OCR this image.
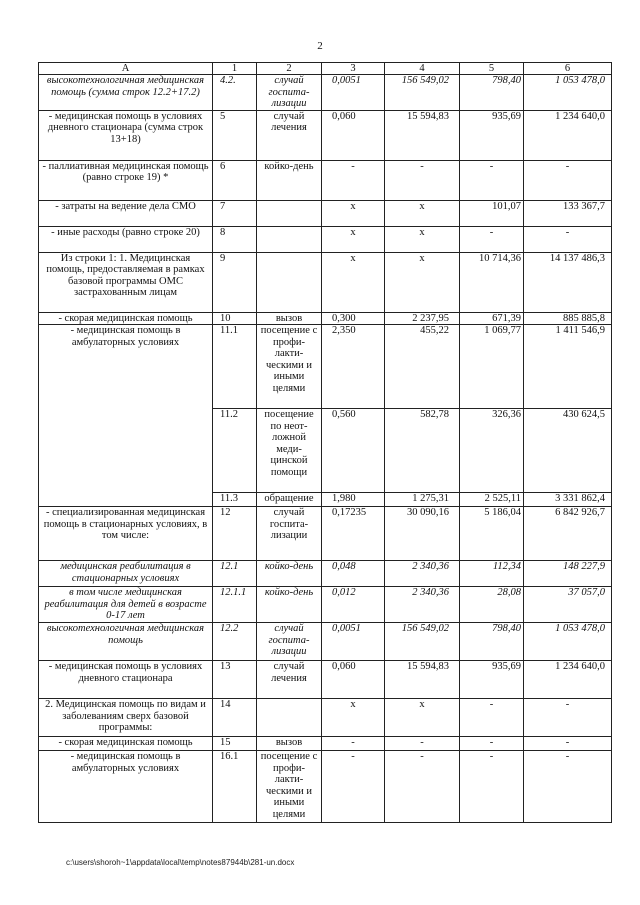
2
А	1	2	3	4	5	6
высокотехнологичная медицинская помощь (сумма строк 12.2+17.2)	4.2.	случай госпита-лизации	0,0051	156 549,02	798,40	1 053 478,0
- медицинская помощь в условиях дневного стационара (сумма строк 13+18)	5	случай лечения	0,060	15 594,83	935,69	1 234 640,0
- паллиативная медицинская помощь (равно строке 19) *	6	койко-день	-	-	-	-
- затраты на ведение дела СМО	7		x	x	101,07	133 367,7
- иные расходы (равно строке 20)	8		x	x	-	-
Из строки 1: 1. Медицинская помощь, предоставляемая в рамках базовой программы ОМС застрахованным лицам	9		x	x	10 714,36	14 137 486,3
- скорая медицинская помощь	10	вызов	0,300	2 237,95	671,39	885 885,8
- медицинская помощь в амбулаторных условиях	11.1	посещение с профи-лакти-ческими и иными целями	2,350	455,22	1 069,77	1 411 546,9
	11.2	посещение по неот-ложной меди-цинской помощи	0,560	582,78	326,36	430 624,5
	11.3	обращение	1,980	1 275,31	2 525,11	3 331 862,4
- специализированная медицинская помощь в стационарных условиях, в том числе:	12	случай госпита-лизации	0,17235	30 090,16	5 186,04	6 842 926,7
медицинская реабилитация в стационарных условиях	12.1	койко-день	0,048	2 340,36	112,34	148 227,9
в том числе медицинская реабилитация для детей в возрасте 0-17 лет	12.1.1	койко-день	0,012	2 340,36	28,08	37 057,0
высокотехнологичная медицинская помощь	12.2	случай госпита-лизации	0,0051	156 549,02	798,40	1 053 478,0
- медицинская помощь в условиях дневного стационара	13	случай лечения	0,060	15 594,83	935,69	1 234 640,0
2. Медицинская помощь по видам и заболеваниям сверх базовой программы:	14		x	x	-	-
- скорая медицинская помощь	15	вызов	-	-	-	-
- медицинская помощь в амбулаторных условиях	16.1	посещение с профи-лакти-ческими и иными целями	-	-	-	-
c:\users\shoroh~1\appdata\local\temp\notes87944b\281-un.docx
